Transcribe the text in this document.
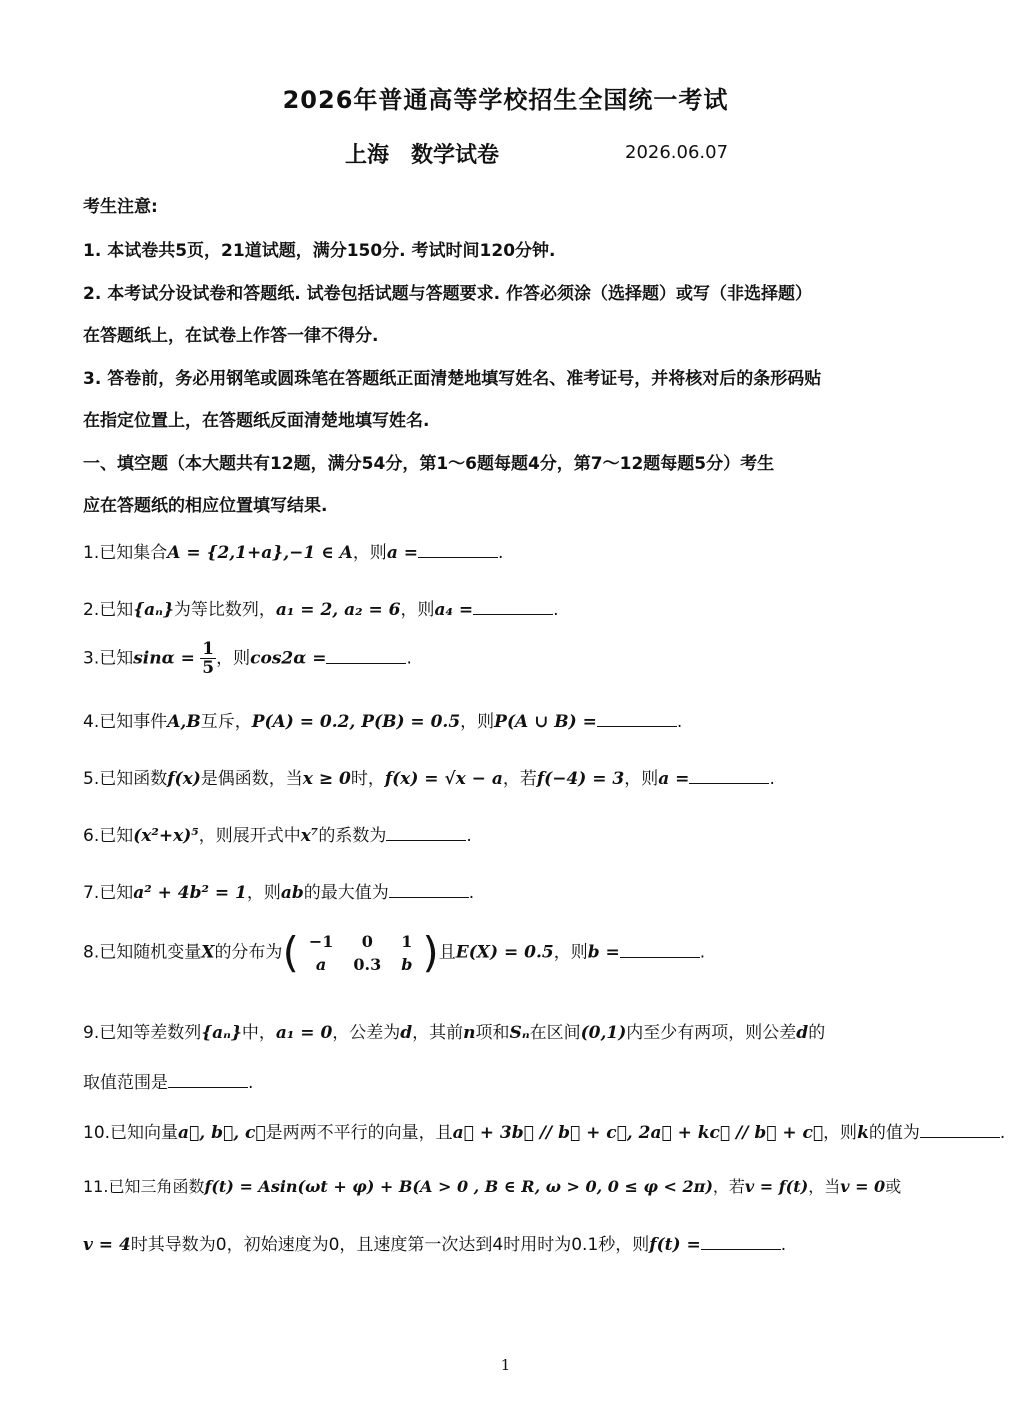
2026年普通高等学校招生全国统一考试
上海　数学试卷	2026.06.07
考生注意:
1. 本试卷共5页，21道试题，满分150分. 考试时间120分钟.
2. 本考试分设试卷和答题纸. 试卷包括试题与答题要求. 作答必须涂（选择题）或写（非选择题）
在答题纸上，在试卷上作答一律不得分.
3. 答卷前，务必用钢笔或圆珠笔在答题纸正面清楚地填写姓名、准考证号，并将核对后的条形码贴
在指定位置上，在答题纸反面清楚地填写姓名.
一、填空题（本大题共有12题，满分54分，第1～6题每题4分，第7～12题每题5分）考生
应在答题纸的相应位置填写结果.
1.已知集合A = {2,1+a},−1 ∈ A，则a =	.
2.已知{aₙ}为等比数列，a₁ = 2, a₂ = 6，则a₄ =	.
3.已知$\sin\alpha = \frac{1}{5}$ ，则cos2α =	.
4.已知事件A,B互斥，P(A) = 0.2, P(B) = 0.5，则P(A ∪ B) =	.
5.已知函数f(x)是偶函数，当x ≥ 0时，f(x) = √x − a，若f(−4) = 3，则a =	.
6.已知(x²+x)⁵，则展开式中x⁷的系数为	.
7.已知a² + 4b² = 1，则ab的最大值为	.
8.已知随机变量X的分布为( −1	0	1
a	0.3	b )且E(X) = 0.5，则b =	.
9.已知等差数列{aₙ}中，a₁ = 0，公差为d，其前n项和Sₙ在区间(0,1)内至少有两项，则公差d的
取值范围是	.
10.已知向量a⃗, b⃗, c⃗是两两不平行的向量，且a⃗ + 3b⃗ // b⃗ + c⃗, 2a⃗ + kc⃗ // b⃗ + c⃗，则k的值为	.
11.已知三角函数f(t) = Asin(ωt + φ) + B(A > 0 , B ∈ R, ω > 0, 0 ≤ φ < 2π)，若v = f(t)，当v = 0或
v = 4时其导数为0，初始速度为0，且速度第一次达到4时用时为0.1秒，则f(t) =	.
1
